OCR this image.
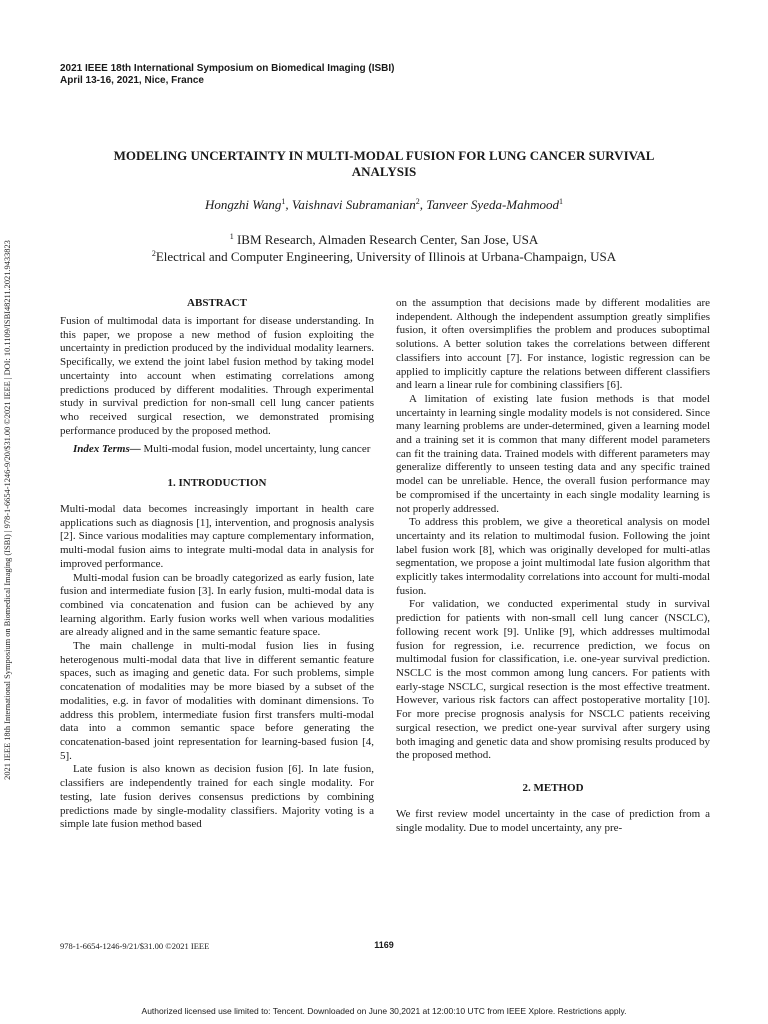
2021 IEEE 18th International Symposium on Biomedical Imaging (ISBI)
April 13-16, 2021, Nice, France
2021 IEEE 18th International Symposium on Biomedical Imaging (ISBI) | 978-1-6654-1246-9/20/$31.00 ©2021 IEEE | DOI: 10.1109/ISBI48211.2021.9433823
MODELING UNCERTAINTY IN MULTI-MODAL FUSION FOR LUNG CANCER SURVIVAL
ANALYSIS
Hongzhi Wang$^1$, Vaishnavi Subramanian$^2$, Tanveer Syeda-Mahmood$^1$
$^1$ IBM Research, Almaden Research Center, San Jose, USA
$^2$Electrical and Computer Engineering, University of Illinois at Urbana-Champaign, USA

ABSTRACT

Fusion of multimodal data is important for disease understanding. In this paper, we propose a new method of fusion exploiting the uncertainty in prediction produced by the individual modality learners. Specifically, we extend the joint label fusion method by taking model uncertainty into account when estimating correlations among predictions produced by different modalities. Through experimental study in survival prediction for non-small cell lung cancer patients who received surgical resection, we demonstrated promising performance produced by the proposed method.

Index Terms— Multi-modal fusion, model uncertainty, lung cancer

1. INTRODUCTION

Multi-modal data becomes increasingly important in health care applications such as diagnosis [1], intervention, and prognosis analysis [2]. Since various modalities may capture complementary information, multi-modal fusion aims to integrate multi-modal data in analysis for improved performance.

Multi-modal fusion can be broadly categorized as early fusion, late fusion and intermediate fusion [3]. In early fusion, multi-modal data is combined via concatenation and fusion can be achieved by any learning algorithm. Early fusion works well when various modalities are already aligned and in the same semantic feature space.

The main challenge in multi-modal fusion lies in fusing heterogenous multi-modal data that live in different semantic feature spaces, such as imaging and genetic data. For such problems, simple concatenation of modalities may be more biased by a subset of the modalities, e.g. in favor of modalities with dominant dimensions. To address this problem, intermediate fusion first transfers multi-modal data into a common semantic space before generating the concatenation-based joint representation for learning-based fusion [4, 5].

Late fusion is also known as decision fusion [6]. In late fusion, classifiers are independently trained for each single modality. For testing, late fusion derives consensus predictions by combining predictions made by single-modality classifiers. Majority voting is a simple late fusion method based

on the assumption that decisions made by different modalities are independent. Although the independent assumption greatly simplifies fusion, it often oversimplifies the problem and produces suboptimal solutions. A better solution takes the correlations between different classifiers into account [7]. For instance, logistic regression can be applied to implicitly capture the relations between different classifiers and learn a linear rule for combining classifiers [6].

A limitation of existing late fusion methods is that model uncertainty in learning single modality models is not considered. Since many learning problems are under-determined, given a learning model and a training set it is common that many different model parameters can fit the training data. Trained models with different parameters may generalize differently to unseen testing data and any specific trained model can be unreliable. Hence, the overall fusion performance may be compromised if the uncertainty in each single modality learning is not properly addressed.

To address this problem, we give a theoretical analysis on model uncertainty and its relation to multimodal fusion. Following the joint label fusion work [8], which was originally developed for multi-atlas segmentation, we propose a joint multimodal late fusion algorithm that explicitly takes intermodality correlations into account for multi-modal fusion.

For validation, we conducted experimental study in survival prediction for patients with non-small cell lung cancer (NSCLC), following recent work [9]. Unlike [9], which addresses multimodal fusion for regression, i.e. recurrence prediction, we focus on multimodal fusion for classification, i.e. one-year survival prediction. NSCLC is the most common among lung cancers. For patients with early-stage NSCLC, surgical resection is the most effective treatment. However, various risk factors can affect postoperative mortality [10]. For more precise prognosis analysis for NSCLC patients receiving surgical resection, we predict one-year survival after surgery using both imaging and genetic data and show promising results produced by the proposed method.

2. METHOD

We first review model uncertainty in the case of prediction from a single modality. Due to model uncertainty, any pre-

978-1-6654-1246-9/21/$31.00 ©2021 IEEE	1169
Authorized licensed use limited to: Tencent. Downloaded on June 30,2021 at 12:00:10 UTC from IEEE Xplore. Restrictions apply.
